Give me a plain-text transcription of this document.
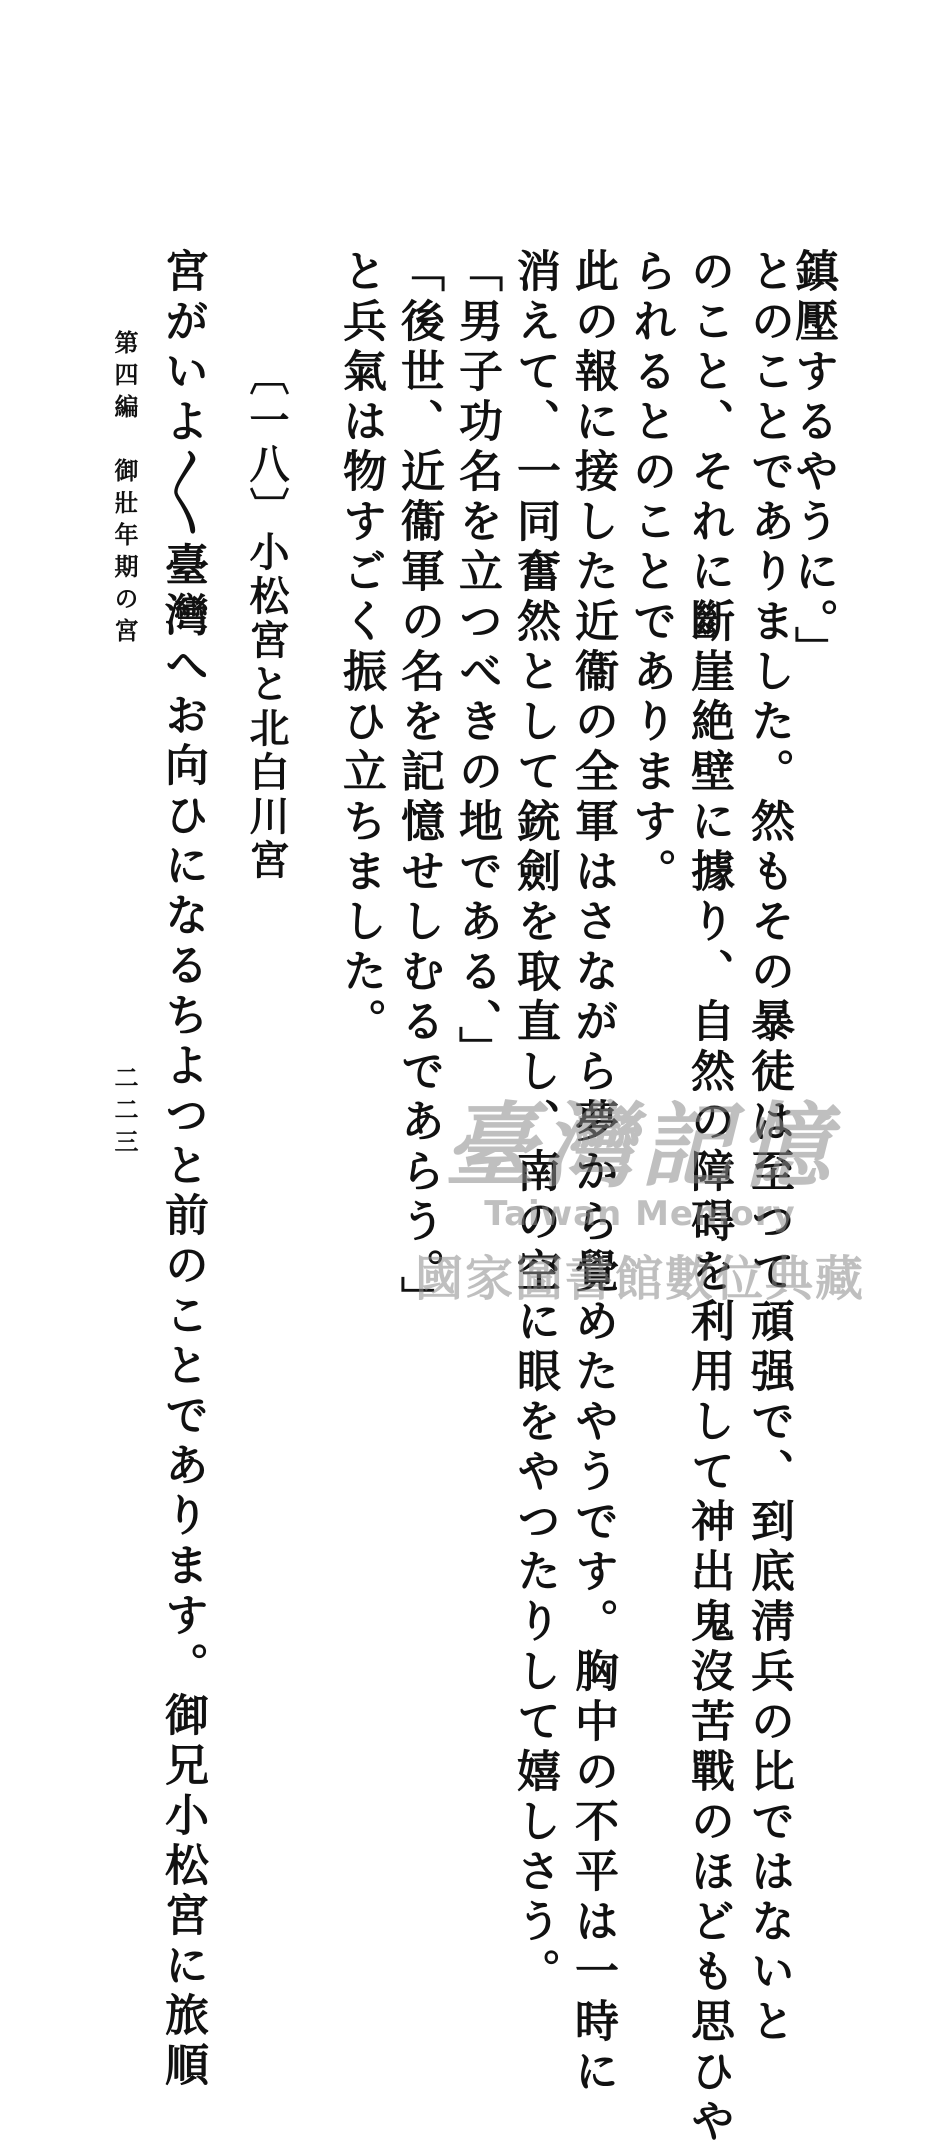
鎮壓するやうに。」
とのことでありました。然もその暴徒は至つて頑强で、到底淸兵の比ではないと
のこと、それに斷崖絶壁に據り、自然の障碍を利用して神出鬼沒苦戰のほども思ひや
られるとのことであります。
此の報に接した近衞の全軍はさながら夢から覺めたやうです。胸中の不平は一時に
消えて、一同奮然として銃劍を取直し、南の空に眼をやつたりして嬉しさう。
「男子功名を立つべきの地である、」
「後世、近衞軍の名を記憶せしむるであらう。」
と兵氣は物すごく振ひ立ちました。
〔一八〕小松宮と北白川宮
宮がいよ〳〵臺灣へお向ひになるちよつと前のことであります。御兄小松宮に旅順
第四編　御壯年期の宮
二二三	臺灣記憶
Taiwan Memory
國家圖書館數位典藏
